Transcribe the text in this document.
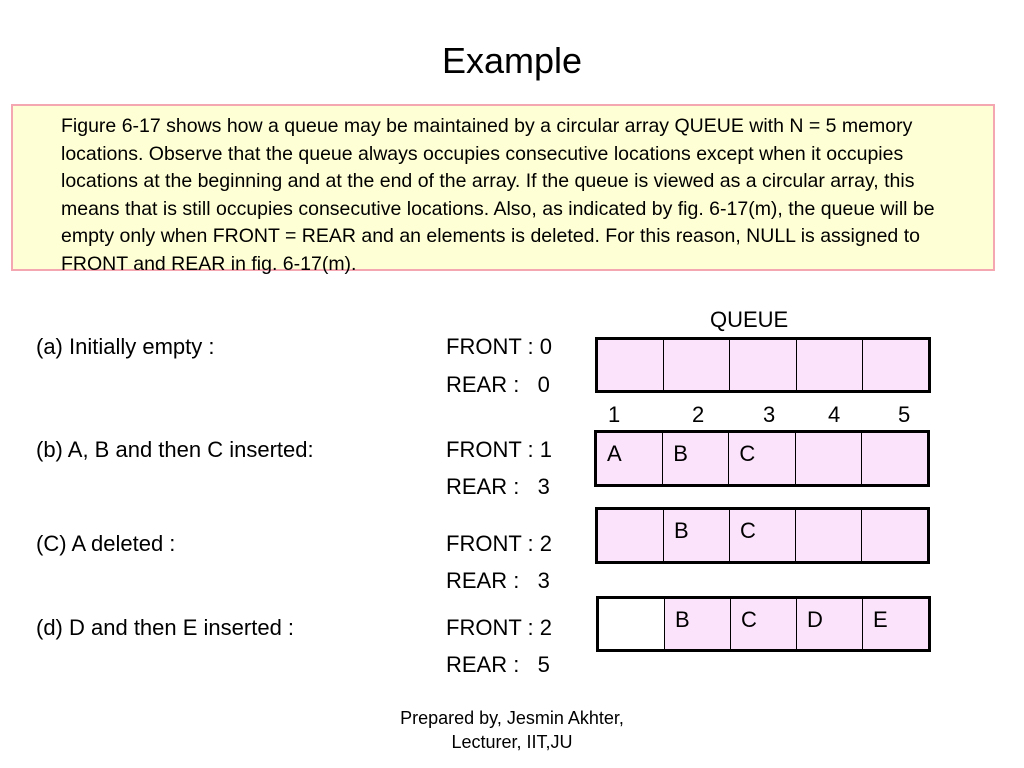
Example
Figure 6-17 shows how a queue may be maintained by a circular array QUEUE with N = 5 memory locations. Observe that the queue always occupies consecutive locations except when it occupies locations at the beginning and at the end of the array. If the queue is viewed as a circular array, this means that is still occupies consecutive locations. Also, as indicated by fig. 6-17(m), the queue will be empty only when FRONT = REAR and an elements is deleted. For this reason, NULL is assigned to FRONT and REAR in fig. 6-17(m).
QUEUE
(a) Initially empty :	FRONT : 0
REAR :   0
1	2	3 4	5
(b) A, B and then C inserted:	FRONT : 1
REAR :   3
A	B	C
(C) A deleted :	FRONT : 2
REAR :   3
B	C
(d) D and then E inserted :	FRONT : 2
REAR :   5
B	C	D	E
Prepared by, Jesmin Akhter,
Lecturer, IIT,JU
